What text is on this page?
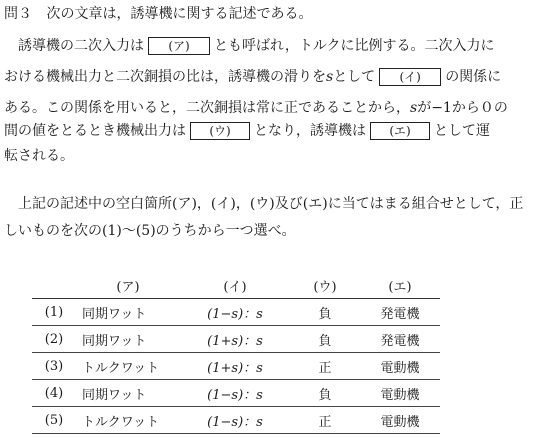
問３ 次の文章は，誘導機に関する記述である。
誘導機の二次入力は (ア) とも呼ばれ，トルクに比例する。二次入力に
おける機械出力と二次銅損の比は，誘導機の滑りをsとして (イ) の関係に
ある。この関係を用いると，二次銅損は常に正であることから，sが−1から０の
間の値をとるとき機械出力は (ウ) となり，誘導機は (エ) として運
転される。
上記の記述中の空白箇所(ア)，(イ)，(ウ)及び(エ)に当てはまる組合せとして，正
しいものを次の(1)～(5)のうちから一つ選べ。
	(ア)	(イ)	(ウ)	(エ)
(1)	同期ワット	(1−s)：s	負	発電機
(2)	同期ワット	(1+s)：s	負	発電機
(3)	トルクワット	(1+s)：s	正	電動機
(4)	同期ワット	(1−s)：s	負	電動機
(5)	トルクワット	(1−s)：s	正	電動機
